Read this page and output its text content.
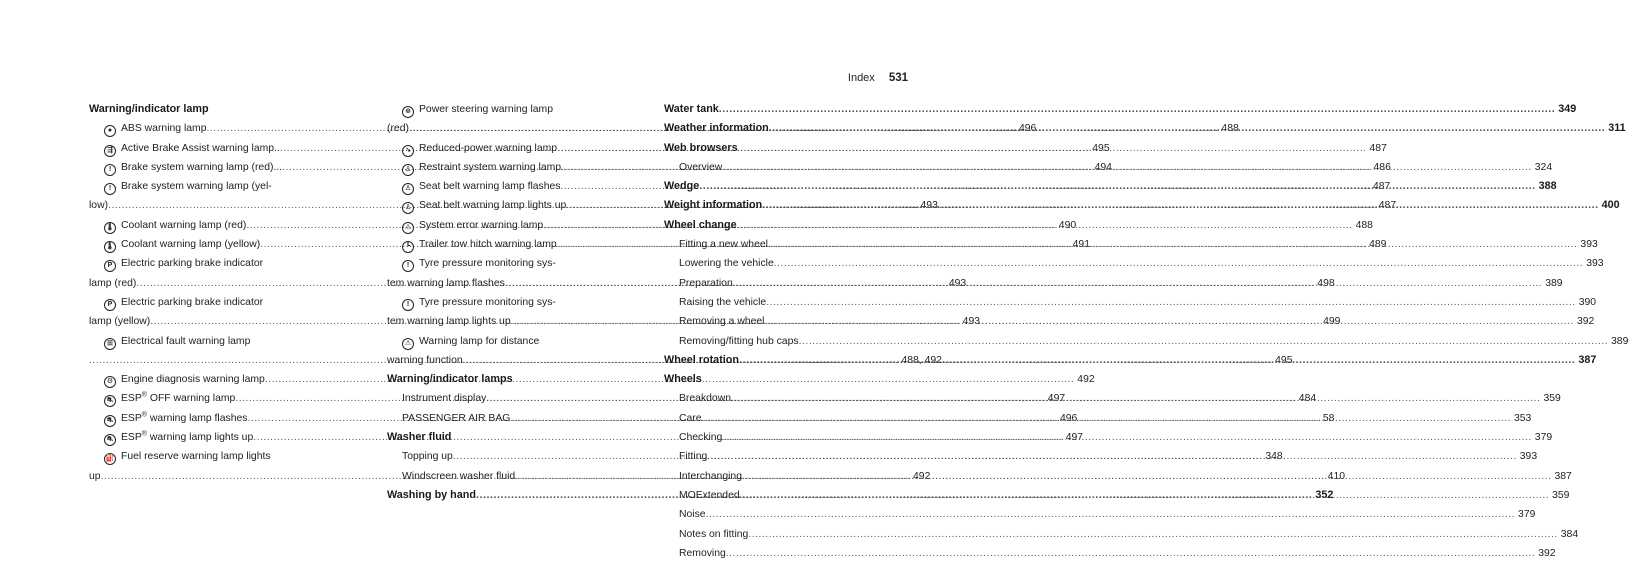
Index 531
Warning/indicator lamp
● ABS warning lamp .....	496
⇶ Active Brake Assist warning lamp.. .....	495
! Brake system warning lamp (red)... .....	494
! Brake system warning lamp (yel-
low) .....	493
🌡 Coolant warning lamp (red) .....	490
🌡 Coolant warning lamp (yellow) .....	491
P Electric parking brake indicator
lamp (red) .....	493
P Electric parking brake indicator
lamp (yellow) .....	493
⊞ Electrical fault warning lamp
.....
488, 492
⚙ Engine diagnosis warning lamp .....	492
⛐ ESP® OFF warning lamp .....	497
⛐ ESP® warning lamp flashes .....	496
⛐ ESP® warning lamp lights up .....	497
⛽ Fuel reserve warning lamp lights
up .....	492
⊛ Power steering warning lamp
(red) .....	488
↘ Reduced-power warning lamp .....	487
♙ Restraint system warning lamp .....	486
♙ Seat belt warning lamp flashes .....	487
♙ Seat belt warning lamp lights up .....	487
⚠ System error warning lamp .....	488
┗ Trailer tow hitch warning lamp .....	489
! Tyre pressure monitoring sys-
tem warning lamp flashes .....	498
! Tyre pressure monitoring sys-
tem warning lamp lights up .....	499
⚠ Warning lamp for distance
warning function .....	495
Warning/indicator lamps
Instrument display .....	484
PASSENGER AIR BAG .....	58
Washer fluid
Topping up .....	348
Windscreen washer fluid .....	410
Washing by hand .....	352
Water tank .....	349
Weather information .....	311
Web browsers
Overview .....	324
Wedge .....	388
Weight information .....	400
Wheel change
Fitting a new wheel .....	393
Lowering the vehicle .....	393
Preparation .....	389
Raising the vehicle .....	390
Removing a wheel .....	392
Removing/fitting hub caps .....	389
Wheel rotation .....	387
Wheels
Breakdown .....	359
Care .....	353
Checking .....	379
Fitting .....	393
Interchanging .....	387
MOExtended .....	359
Noise .....	379
Notes on fitting .....	384
Removing .....	392
